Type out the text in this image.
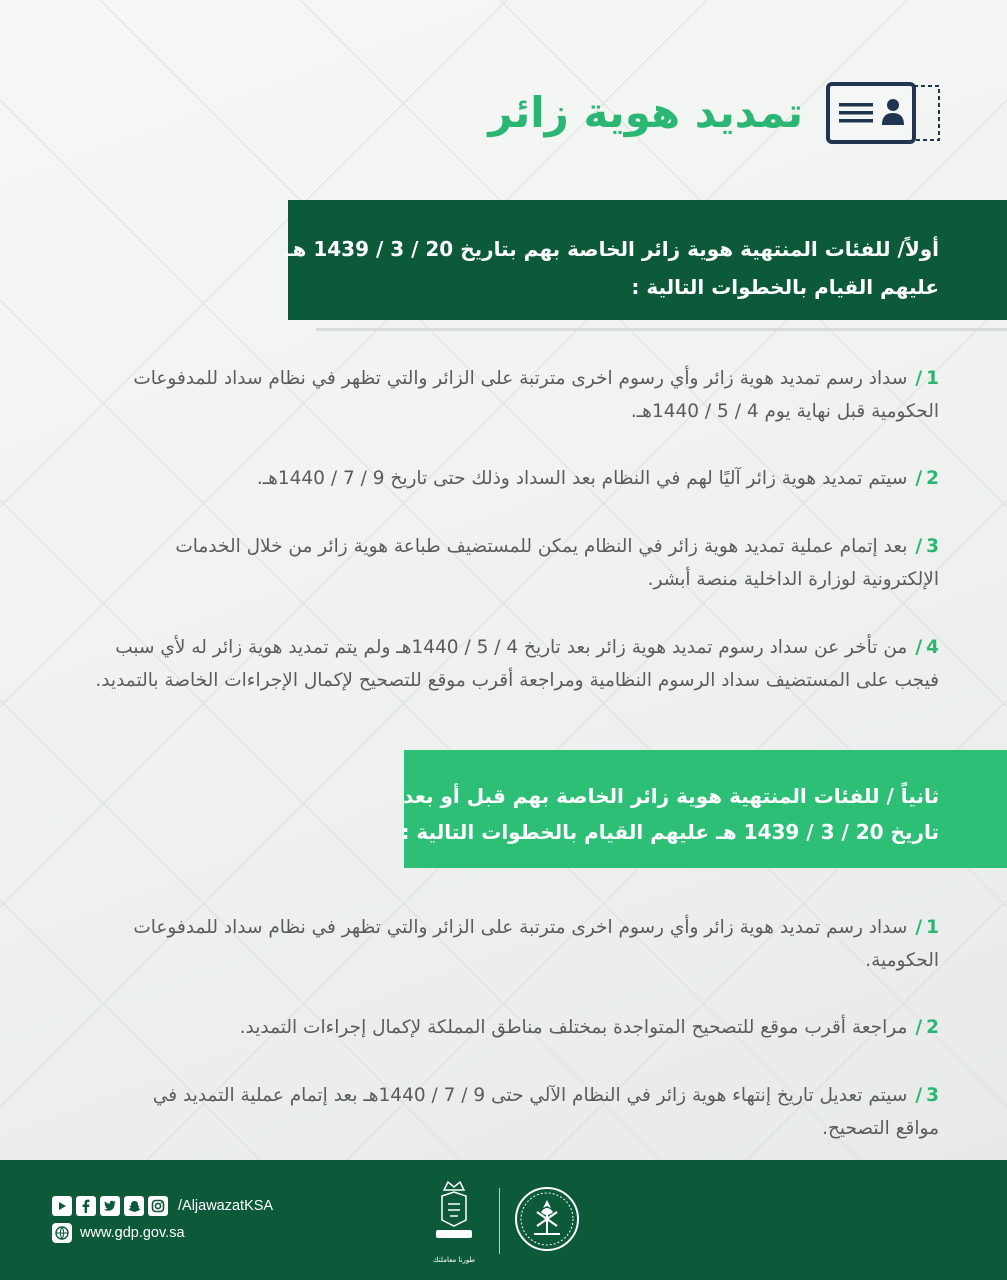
تمديد هوية زائر
أولاً/ للفئات المنتهية هوية زائر الخاصة بهم بتاريخ 20 / 3 / 1439 هـ
عليهم القيام بالخطوات التالية :
1/سداد رسم تمديد هوية زائر وأي رسوم اخرى مترتبة على الزائر والتي تظهر في نظام سداد للمدفوعات
الحكومية قبل نهاية يوم 4 / 5 / 1440هـ.
2/سيتم تمديد هوية زائر آليًا لهم في النظام بعد السداد وذلك حتى تاريخ 9 / 7 / 1440هـ.
3/بعد إتمام عملية تمديد هوية زائر في النظام يمكن للمستضيف طباعة هوية زائر من خلال الخدمات
الإلكترونية لوزارة الداخلية منصة أبشر.
4/من تأخر عن سداد رسوم تمديد هوية زائر بعد تاريخ 4 / 5 / 1440هـ ولم يتم تمديد هوية زائر له لأي سبب
فيجب على المستضيف سداد الرسوم النظامية ومراجعة أقرب موقع للتصحيح لإكمال الإجراءات الخاصة بالتمديد.
ثانياً / للفئات المنتهية هوية زائر الخاصة بهم قبل أو بعد
تاريخ 20 / 3 / 1439 هـ عليهم القيام بالخطوات التالية :
1/سداد رسم تمديد هوية زائر وأي رسوم اخرى مترتبة على الزائر والتي تظهر في نظام سداد للمدفوعات
الحكومية.
2/مراجعة أقرب موقع للتصحيح المتواجدة بمختلف مناطق المملكة لإكمال إجراءات التمديد.
3/سيتم تعديل تاريخ إنتهاء هوية زائر في النظام الآلي حتى 9 / 7 / 1440هـ بعد إتمام عملية التمديد في
مواقع التصحيح.
/AljawazatKSA
www.gdp.gov.sa
طورنا معاملتك
